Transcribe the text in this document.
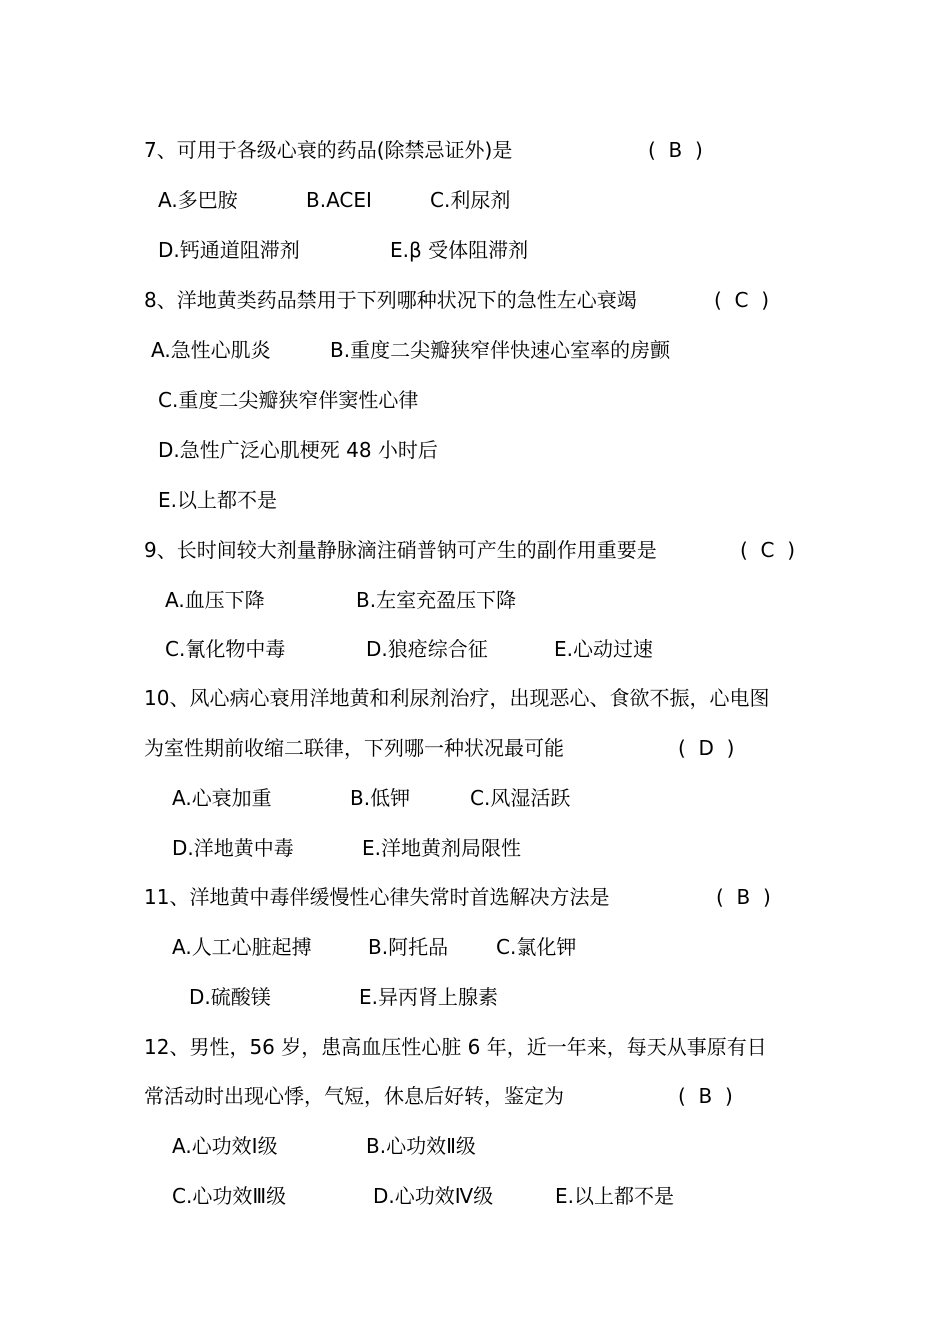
7、可用于各级心衰的药品(除禁忌证外)是	(  B  )
A.多巴胺	B.ACEI	C.利尿剂
D.钙通道阻滞剂	E.β 受体阻滞剂
8、洋地黄类药品禁用于下列哪种状况下的急性左心衰竭	(  C  )
A.急性心肌炎	B.重度二尖瓣狭窄伴快速心室率的房颤
C.重度二尖瓣狭窄伴窦性心律
D.急性广泛心肌梗死 48 小时后
E.以上都不是
9、长时间较大剂量静脉滴注硝普钠可产生的副作用重要是	(  C  )
A.血压下降	B.左室充盈压下降
C.氰化物中毒	D.狼疮综合征	E.心动过速
10、风心病心衰用洋地黄和利尿剂治疗，出现恶心、食欲不振，心电图
为室性期前收缩二联律，下列哪一种状况最可能	(  D  )
A.心衰加重	B.低钾	C.风湿活跃
D.洋地黄中毒	E.洋地黄剂局限性
11、洋地黄中毒伴缓慢性心律失常时首选解决方法是	(  B  )
A.人工心脏起搏	B.阿托品 C.氯化钾
D.硫酸镁	E.异丙肾上腺素
12、男性，56 岁，患高血压性心脏 6 年，近一年来，每天从事原有日
常活动时出现心悸，气短，休息后好转，鉴定为	(  B  )
A.心功效Ⅰ级	B.心功效Ⅱ级
C.心功效Ⅲ级	D.心功效Ⅳ级	E.以上都不是
